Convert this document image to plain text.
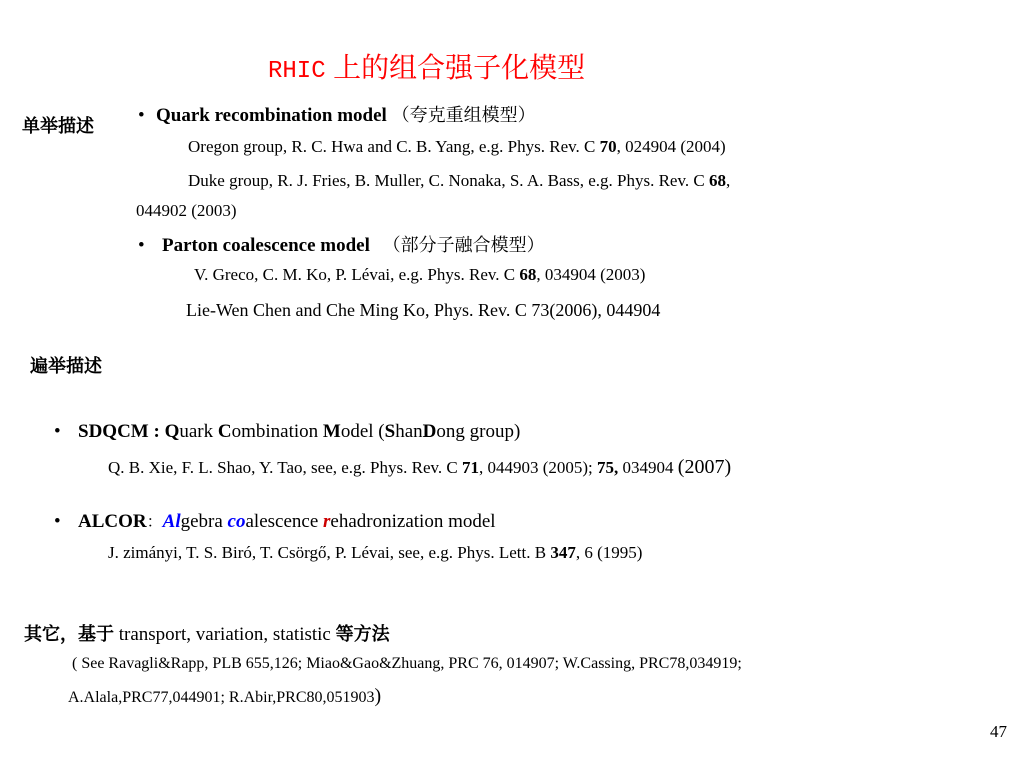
RHIC 上的组合强子化模型
单举描述
• Quark recombination model （夸克重组模型）
Oregon group, R. C. Hwa and C. B. Yang, e.g. Phys. Rev. C 70, 024904 (2004)
Duke group, R. J. Fries, B. Muller, C. Nonaka, S. A. Bass, e.g. Phys. Rev. C 68,
044902 (2003)
• Parton coalescence model （部分子融合模型）
V. Greco, C. M. Ko, P. Lévai, e.g. Phys. Rev. C 68, 034904 (2003)
Lie-Wen Chen and Che Ming Ko, Phys. Rev. C 73(2006), 044904
遍举描述
• SDQCM : Quark Combination Model (ShanDong group)
Q. B. Xie, F. L. Shao, Y. Tao, see, e.g. Phys. Rev. C 71, 044903 (2005); 75, 034904 (2007)
• ALCOR：Algebra coalescence rehadronization model
J. zimányi, T. S. Biró, T. Csörgő, P. Lévai, see, e.g. Phys. Lett. B 347, 6 (1995)
其它，基于 transport, variation, statistic 等方法
( See Ravagli&Rapp, PLB 655,126; Miao&Gao&Zhuang, PRC 76, 014907; W.Cassing, PRC78,034919;
A.Alala,PRC77,044901; R.Abir,PRC80,051903)
47
